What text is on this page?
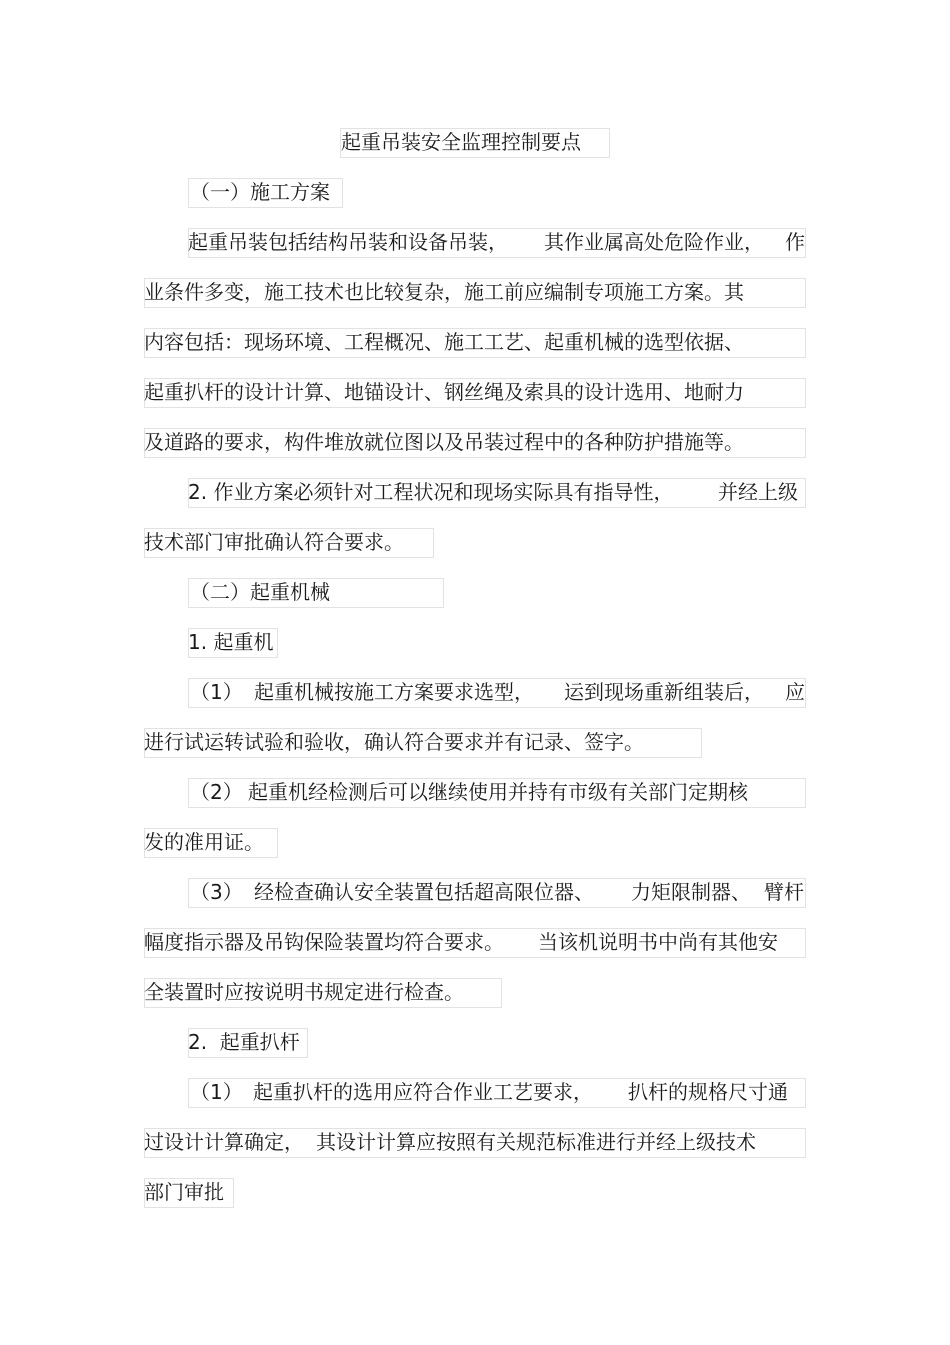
起重吊装安全监理控制要点

（一）施工方案

起重吊装包括结构吊装和设备吊装， 其作业属高处危险作业， 作

业条件多变，施工技术也比较复杂，施工前应编制专项施工方案。其

内容包括：现场环境、工程概况、施工工艺、起重机械的选型依据、

起重扒杆的设计计算、地锚设计、钢丝绳及索具的设计选用、地耐力

及道路的要求，构件堆放就位图以及吊装过程中的各种防护措施等。

2. 作业方案必须针对工程状况和现场实际具有指导性， 并经上级

技术部门审批确认符合要求。

（二）起重机械

1. 起重机

（1） 起重机械按施工方案要求选型， 运到现场重新组装后， 应

进行试运转试验和验收，确认符合要求并有记录、签字。

（2） 起重机经检测后可以继续使用并持有市级有关部门定期核

发的准用证。

（3） 经检查确认安全装置包括超高限位器、 力矩限制器、 臂杆

幅度指示器及吊钩保险装置均符合要求。 当该机说明书中尚有其他安

全装置时应按说明书规定进行检查。

2.  起重扒杆

（1） 起重扒杆的选用应符合作业工艺要求， 扒杆的规格尺寸通

过设计计算确定， 其设计计算应按照有关规范标准进行并经上级技术

部门审批
